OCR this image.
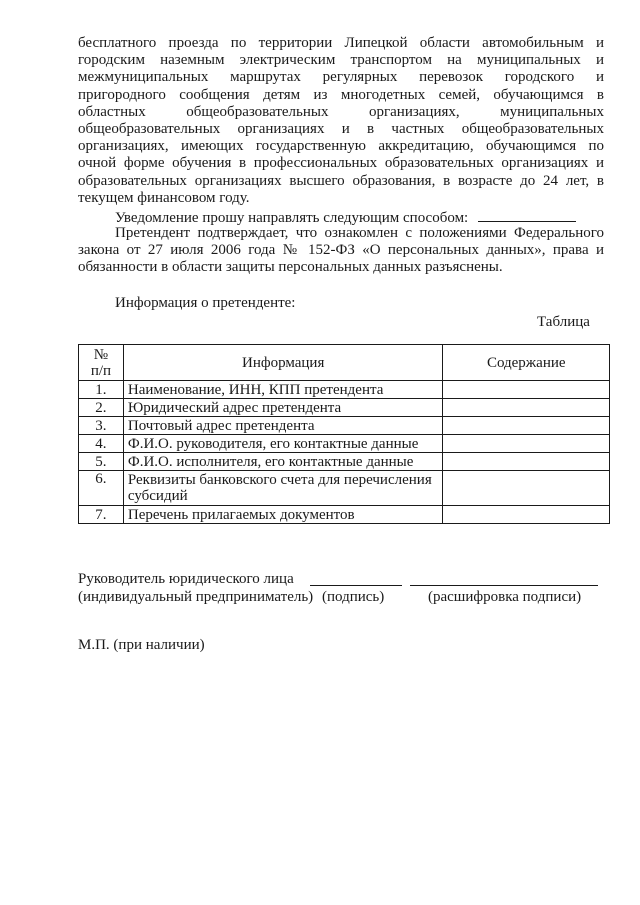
бесплатного проезда по территории Липецкой области автомобильным и
городским наземным электрическим транспортом на муниципальных и
межмуниципальных маршрутах регулярных перевозок городского и
пригородного сообщения детям из многодетных семей, обучающимся в
областных общеобразовательных организациях, муниципальных
общеобразовательных организациях и в частных общеобразовательных
организациях, имеющих государственную аккредитацию, обучающимся по
очной форме обучения в профессиональных образовательных организациях и
образовательных организациях высшего образования, в возрасте до 24 лет, в
текущем финансовом году.
Уведомление прошу направлять следующим способом:
Претендент подтверждает, что ознакомлен с положениями Федерального
закона от 27 июля 2006 года № 152-ФЗ «О персональных данных», права и
обязанности в области защиты персональных данных разъяснены.
Информация о претенденте:
Таблица
№
п/п	Информация	Содержание
1.	Наименование, ИНН, КПП претендента	
2.	Юридический адрес претендента	
3.	Почтовый адрес претендента	
4.	Ф.И.О. руководителя, его контактные данные	
5.	Ф.И.О. исполнителя, его контактные данные	
6.	Реквизиты банковского счета для перечисления субсидий	
7.	Перечень прилагаемых документов	
Руководитель юридического лица
(индивидуальный предприниматель) (подпись)	(расшифровка подписи)
М.П. (при наличии)
